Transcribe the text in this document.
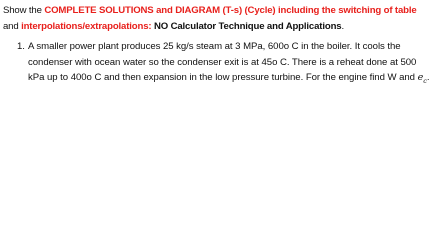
Show the COMPLETE SOLUTIONS and DIAGRAM (T-s) (Cycle) including the switching of table and interpolations/extrapolations: NO Calculator Technique and Applications.

1. A smaller power plant produces 25 kg/s steam at 3 MPa, 600o C in the boiler. It cools the condenser with ocean water so the condenser exit is at 45o C. There is a reheat done at 500 kPa up to 400o C and then expansion in the low pressure turbine. For the engine find W and $e_c$.
